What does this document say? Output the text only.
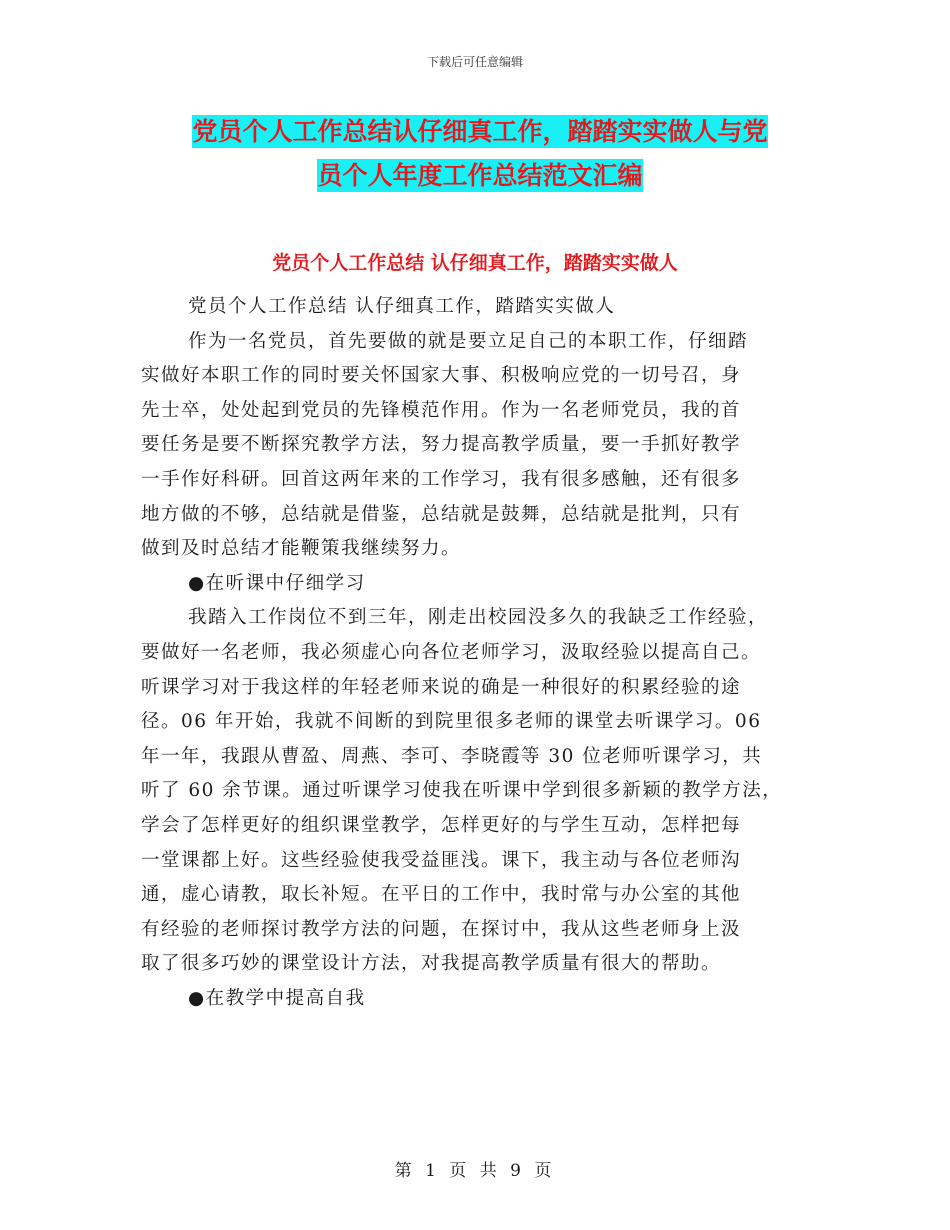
下载后可任意编辑
党员个人工作总结认仔细真工作，踏踏实实做人与党
员个人年度工作总结范文汇编
党员个人工作总结 认仔细真工作，踏踏实实做人
党员个人工作总结 认仔细真工作，踏踏实实做人
作为一名党员，首先要做的就是要立足自己的本职工作，仔细踏
实做好本职工作的同时要关怀国家大事、积极响应党的一切号召，身
先士卒，处处起到党员的先锋模范作用。作为一名老师党员，我的首
要任务是要不断探究教学方法，努力提高教学质量，要一手抓好教学
一手作好科研。回首这两年来的工作学习，我有很多感触，还有很多
地方做的不够，总结就是借鉴，总结就是鼓舞，总结就是批判，只有
做到及时总结才能鞭策我继续努力。
●在听课中仔细学习
我踏入工作岗位不到三年，刚走出校园没多久的我缺乏工作经验，
要做好一名老师，我必须虚心向各位老师学习，汲取经验以提高自己。
听课学习对于我这样的年轻老师来说的确是一种很好的积累经验的途
径。06 年开始，我就不间断的到院里很多老师的课堂去听课学习。06
年一年，我跟从曹盈、周燕、李可、李晓霞等 30 位老师听课学习，共
听了 60 余节课。通过听课学习使我在听课中学到很多新颖的教学方法，
学会了怎样更好的组织课堂教学，怎样更好的与学生互动，怎样把每
一堂课都上好。这些经验使我受益匪浅。课下，我主动与各位老师沟
通，虚心请教，取长补短。在平日的工作中，我时常与办公室的其他
有经验的老师探讨教学方法的问题，在探讨中，我从这些老师身上汲
取了很多巧妙的课堂设计方法，对我提高教学质量有很大的帮助。
●在教学中提高自我
第 1 页 共 9 页
